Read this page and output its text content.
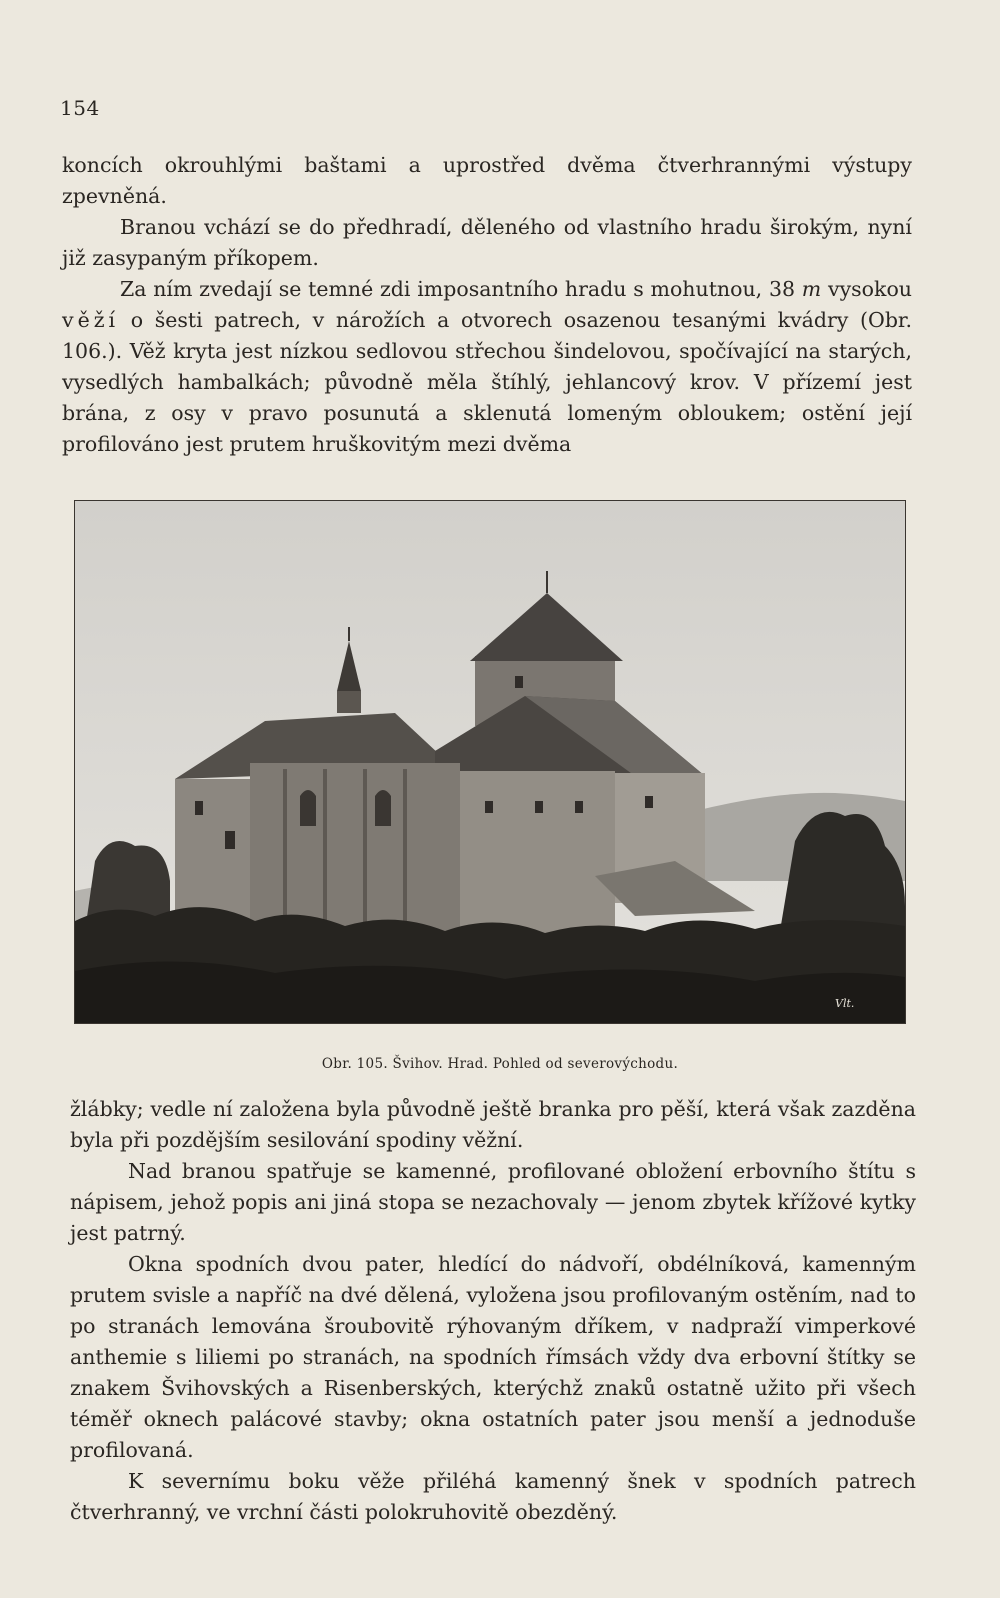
154

koncích okrouhlými baštami a uprostřed dvěma čtverhrannými výstupy zpevněná.

Branou vchází se do předhradí, děleného od vlastního hradu širokým, nyní již zasypaným příkopem.

Za ním zvedají se temné zdi imposantního hradu s mohutnou, 38 m vysokou věží o šesti patrech, v nárožích a otvorech osazenou tesanými kvádry (Obr. 106.). Věž kryta jest nízkou sedlovou střechou šindelovou, spočívající na starých, vysedlých hambalkách; původně měla štíhlý, jehlancový krov. V přízemí jest brána, z osy v pravo posunutá a sklenutá lomeným obloukem; ostění její profilováno jest prutem hruškovitým mezi dvěma

Vlt.
Obr. 105. Švihov. Hrad. Pohled od severovýchodu.

žlábky; vedle ní založena byla původně ještě branka pro pěší, která však zazděna byla při pozdějším sesilování spodiny věžní.

Nad branou spatřuje se kamenné, profilované obložení erbovního štítu s nápisem, jehož popis ani jiná stopa se nezachovaly — jenom zbytek křížové kytky jest patrný.

Okna spodních dvou pater, hledící do nádvoří, obdélníková, kamenným prutem svisle a napříč na dvé dělená, vyložena jsou profilovaným ostěním, nad to po stranách lemována šroubovitě rýhovaným dříkem, v nadpraží vimperkové anthemie s liliemi po stranách, na spodních římsách vždy dva erbovní štítky se znakem Švihovských a Risenberských, kterýchž znaků ostatně užito při všech téměř oknech palácové stavby; okna ostatních pater jsou menší a jednoduše profilovaná.

K severnímu boku věže přiléhá kamenný šnek v spodních patrech čtverhranný, ve vrchní části polokruhovitě obezděný.
